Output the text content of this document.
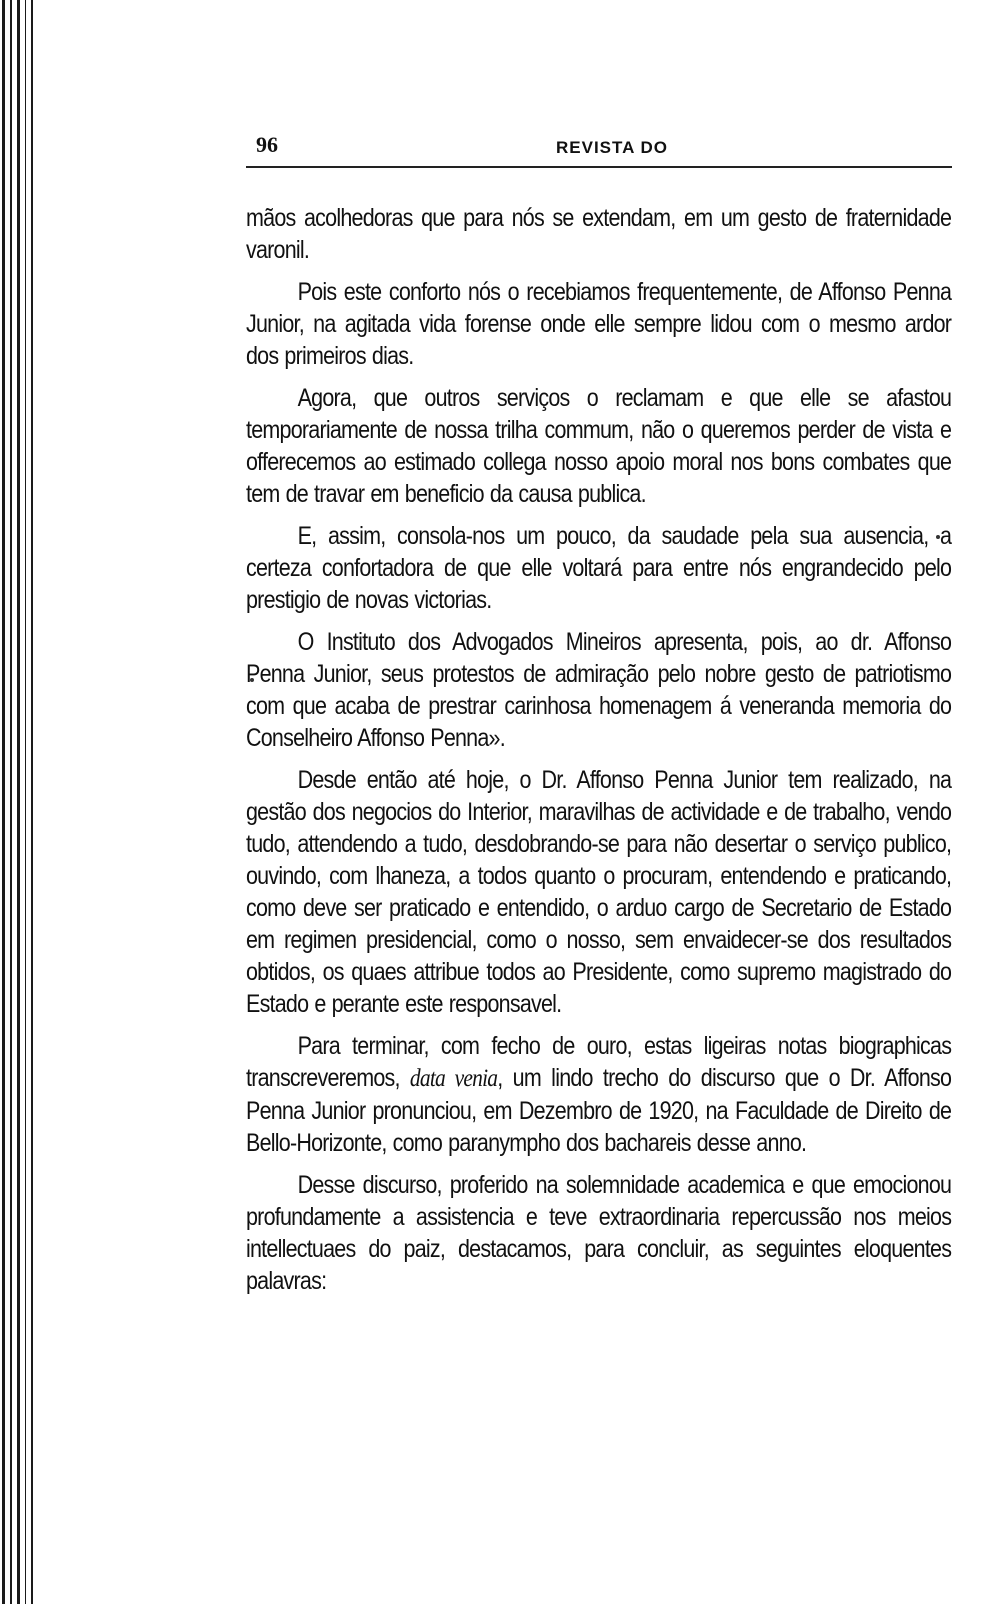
96	REVISTA DO

mãos acolhedoras que para nós se extendam, em um gesto de fraternidade varonil.

Pois este conforto nós o recebiamos frequentemente, de Affonso Penna Junior, na agitada vida forense onde elle sempre lidou com o mesmo ardor dos primeiros dias.

Agora, que outros serviços o reclamam e que elle se afastou temporariamente de nossa trilha commum, não o queremos perder de vista e offerecemos ao estimado collega nosso apoio moral nos bons combates que tem de travar em beneficio da causa publica.

E, assim, consola-nos um pouco, da saudade pela sua ausencia, a certeza confortadora de que elle voltará para entre nós engrandecido pelo prestigio de novas victorias.

O Instituto dos Advogados Mineiros apresenta, pois, ao dr. Affonso Penna Junior, seus protestos de admiração pelo nobre gesto de patriotismo com que acaba de prestrar carinhosa homenagem á veneranda memoria do Conselheiro Affonso Penna».

Desde então até hoje, o Dr. Affonso Penna Junior tem realizado, na gestão dos negocios do Interior, maravilhas de actividade e de trabalho, vendo tudo, attendendo a tudo, desdobrando-se para não desertar o serviço publico, ouvindo, com lhaneza, a todos quanto o procuram, entendendo e praticando, como deve ser praticado e entendido, o arduo cargo de Secretario de Estado em regimen presidencial, como o nosso, sem envaidecer-se dos resultados obtidos, os quaes attribue todos ao Presidente, como supremo magistrado do Estado e perante este responsavel.

Para terminar, com fecho de ouro, estas ligeiras notas biographicas transcreveremos, data venia, um lindo trecho do discurso que o Dr. Affonso Penna Junior pronunciou, em Dezembro de 1920, na Faculdade de Direito de Bello-Horizonte, como paranympho dos bachareis desse anno.

Desse discurso, proferido na solemnidade academica e que emocionou profundamente a assistencia e teve extraordinaria repercussão nos meios intellectuaes do paiz, destacamos, para concluir, as seguintes eloquentes palavras:
